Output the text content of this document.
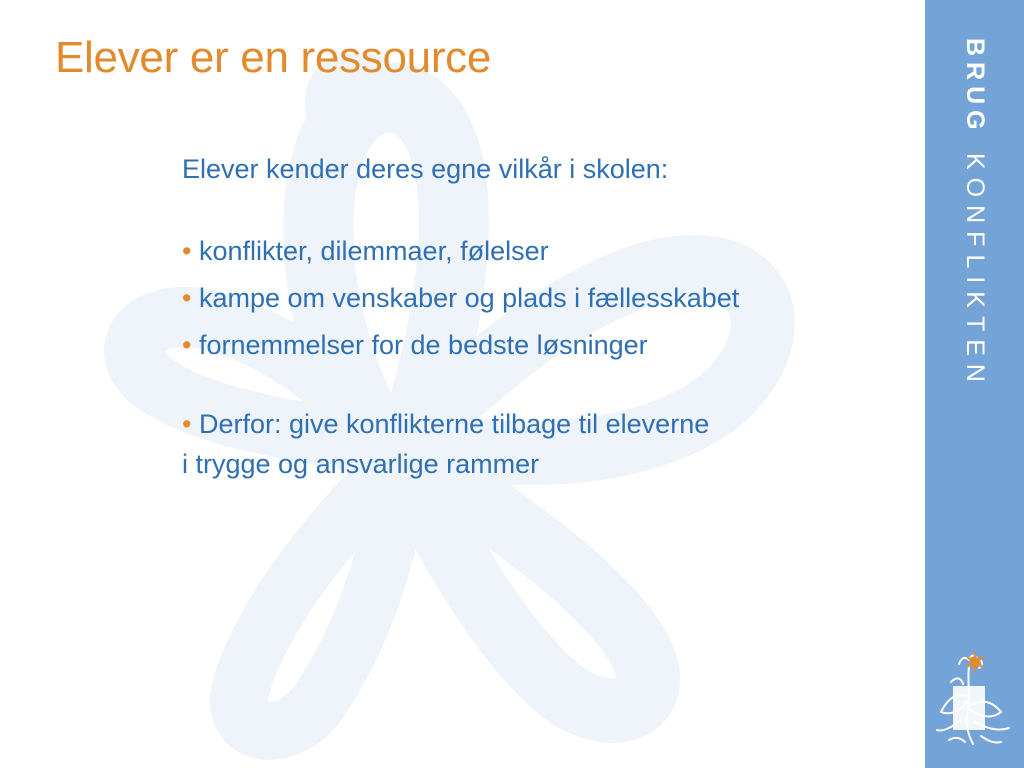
Elever er en ressource

Elever kender deres egne vilkår i skolen:

• konflikter, dilemmaer, følelser

• kampe om venskaber og plads i fællesskabet

• fornemmelser for de bedste løsninger

• Derfor: give konflikterne tilbage til eleverne

i trygge og ansvarlige rammer

BRUG KONFLIKTEN
